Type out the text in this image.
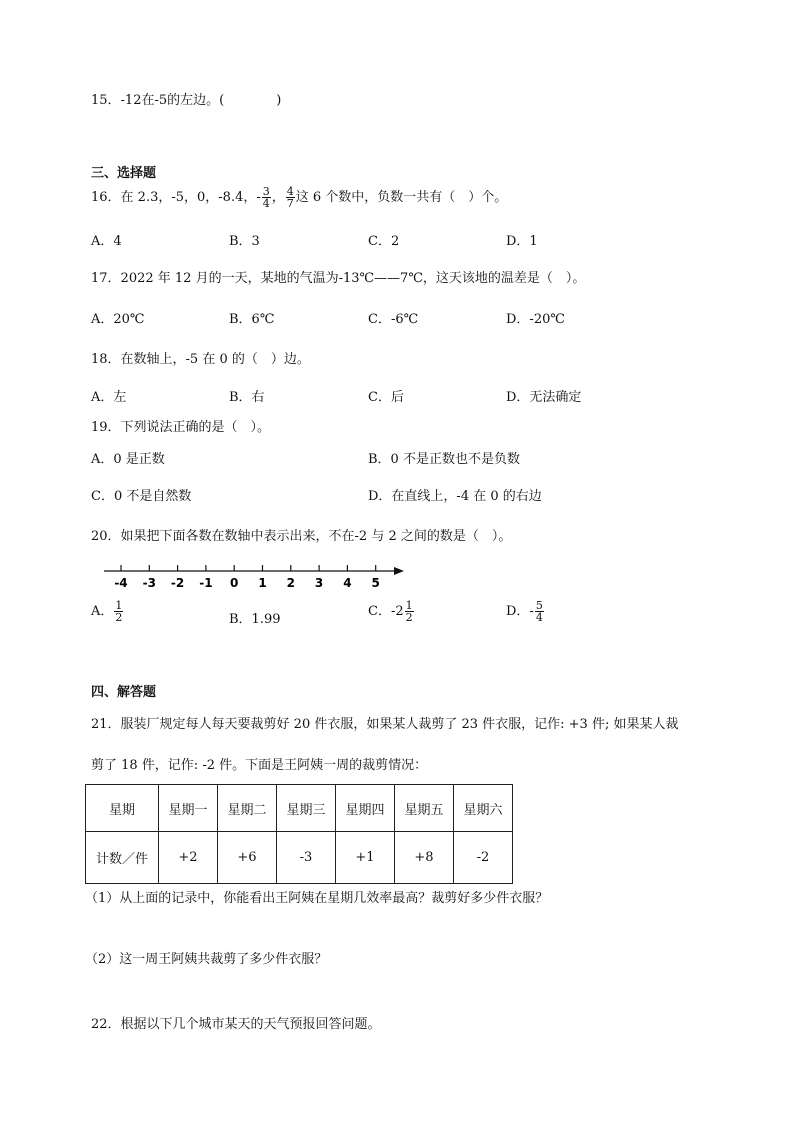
15．-12在-5的左边。(　　　　)
三、选择题
16．在 2.3，-5，0，-8.4，- $\frac{3}{4}$ ， $\frac{4}{7}$ 这 6 个数中，负数一共有（　）个。
A．4	B．3	C．2	D．1
17．2022 年 12 月的一天，某地的气温为-13℃——7℃，这天该地的温差是（　）。
A．20℃	B．6℃	C．-6℃	D．-20℃
18．在数轴上，-5 在 0 的（　）边。
A．左	B．右	C．后	D．无法确定
19．下列说法正确的是（　）。
A．0 是正数	B．0 不是正数也不是负数
C．0 不是自然数	D．在直线上，-4 在 0 的右边
20．如果把下面各数在数轴中表示出来，不在-2 与 2 之间的数是（　）。
-4 -3 -2 -1 0 1 2 3 4 5
A． $\frac{1}{2}$	B．1.99
C．$-2 \frac{1}{2}$	D．- $\frac{5}{4}$
四、解答题
21．服装厂规定每人每天要裁剪好 20 件衣服，如果某人裁剪了 23 件衣服，记作: +3 件; 如果某人裁
剪了 18 件，记作: -2 件。下面是王阿姨一周的裁剪情况：
星期	星期一	星期二	星期三	星期四	星期五	星期六
计数／件	+2	+6	-3	+1	+8	-2
（1）从上面的记录中，你能看出王阿姨在星期几效率最高？裁剪好多少件衣服？
（2）这一周王阿姨共裁剪了多少件衣服？
22．根据以下几个城市某天的天气预报回答问题。
